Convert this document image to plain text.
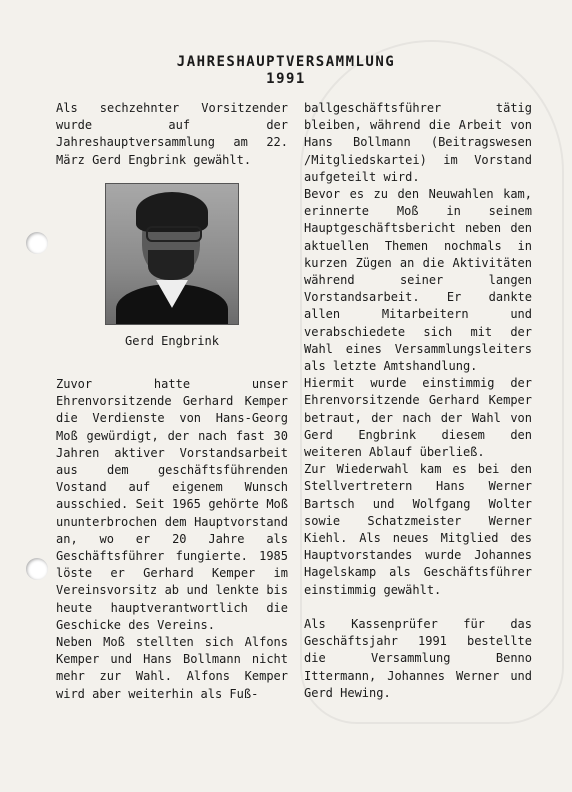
JAHRESHAUPTVERSAMMLUNG
1991

Als sechzehnter Vorsitzender wurde auf der Jahreshauptversammlung am 22. März Gerd Engbrink gewählt.

Gerd Engbrink

Zuvor hatte unser Ehrenvorsitzende Gerhard Kemper die Verdienste von Hans-Georg Moß gewürdigt, der nach fast 30 Jahren aktiver Vorstandsarbeit aus dem geschäftsführenden Vostand auf eigenem Wunsch ausschied. Seit 1965 gehörte Moß ununterbrochen dem Hauptvorstand an, wo er 20 Jahre als Geschäftsführer fungierte. 1985 löste er Gerhard Kemper im Vereinsvorsitz ab und lenkte bis heute hauptverantwortlich die Geschicke des Vereins.

Neben Moß stellten sich Alfons Kemper und Hans Bollmann nicht mehr zur Wahl. Alfons Kemper wird aber weiterhin als Fuß-

ballgeschäftsführer tätig bleiben, während die Arbeit von Hans Bollmann (Beitragswesen /Mitgliedskartei) im Vorstand aufgeteilt wird.

Bevor es zu den Neuwahlen kam, erinnerte Moß in seinem Hauptgeschäftsbericht neben den aktuellen Themen nochmals in kurzen Zügen an die Aktivitäten während seiner langen Vorstandsarbeit. Er dankte allen Mitarbeitern und verabschiedete sich mit der Wahl eines Versammlungsleiters als letzte Amtshandlung.

Hiermit wurde einstimmig der Ehrenvorsitzende Gerhard Kemper betraut, der nach der Wahl von Gerd Engbrink diesem den weiteren Ablauf überließ.

Zur Wiederwahl kam es bei den Stellvertretern Hans Werner Bartsch und Wolfgang Wolter sowie Schatzmeister Werner Kiehl. Als neues Mitglied des Hauptvorstandes wurde Johannes Hagelskamp als Geschäftsführer einstimmig gewählt.

Als Kassenprüfer für das Geschäftsjahr 1991 bestellte die Versammlung Benno Ittermann, Johannes Werner und Gerd Hewing.
